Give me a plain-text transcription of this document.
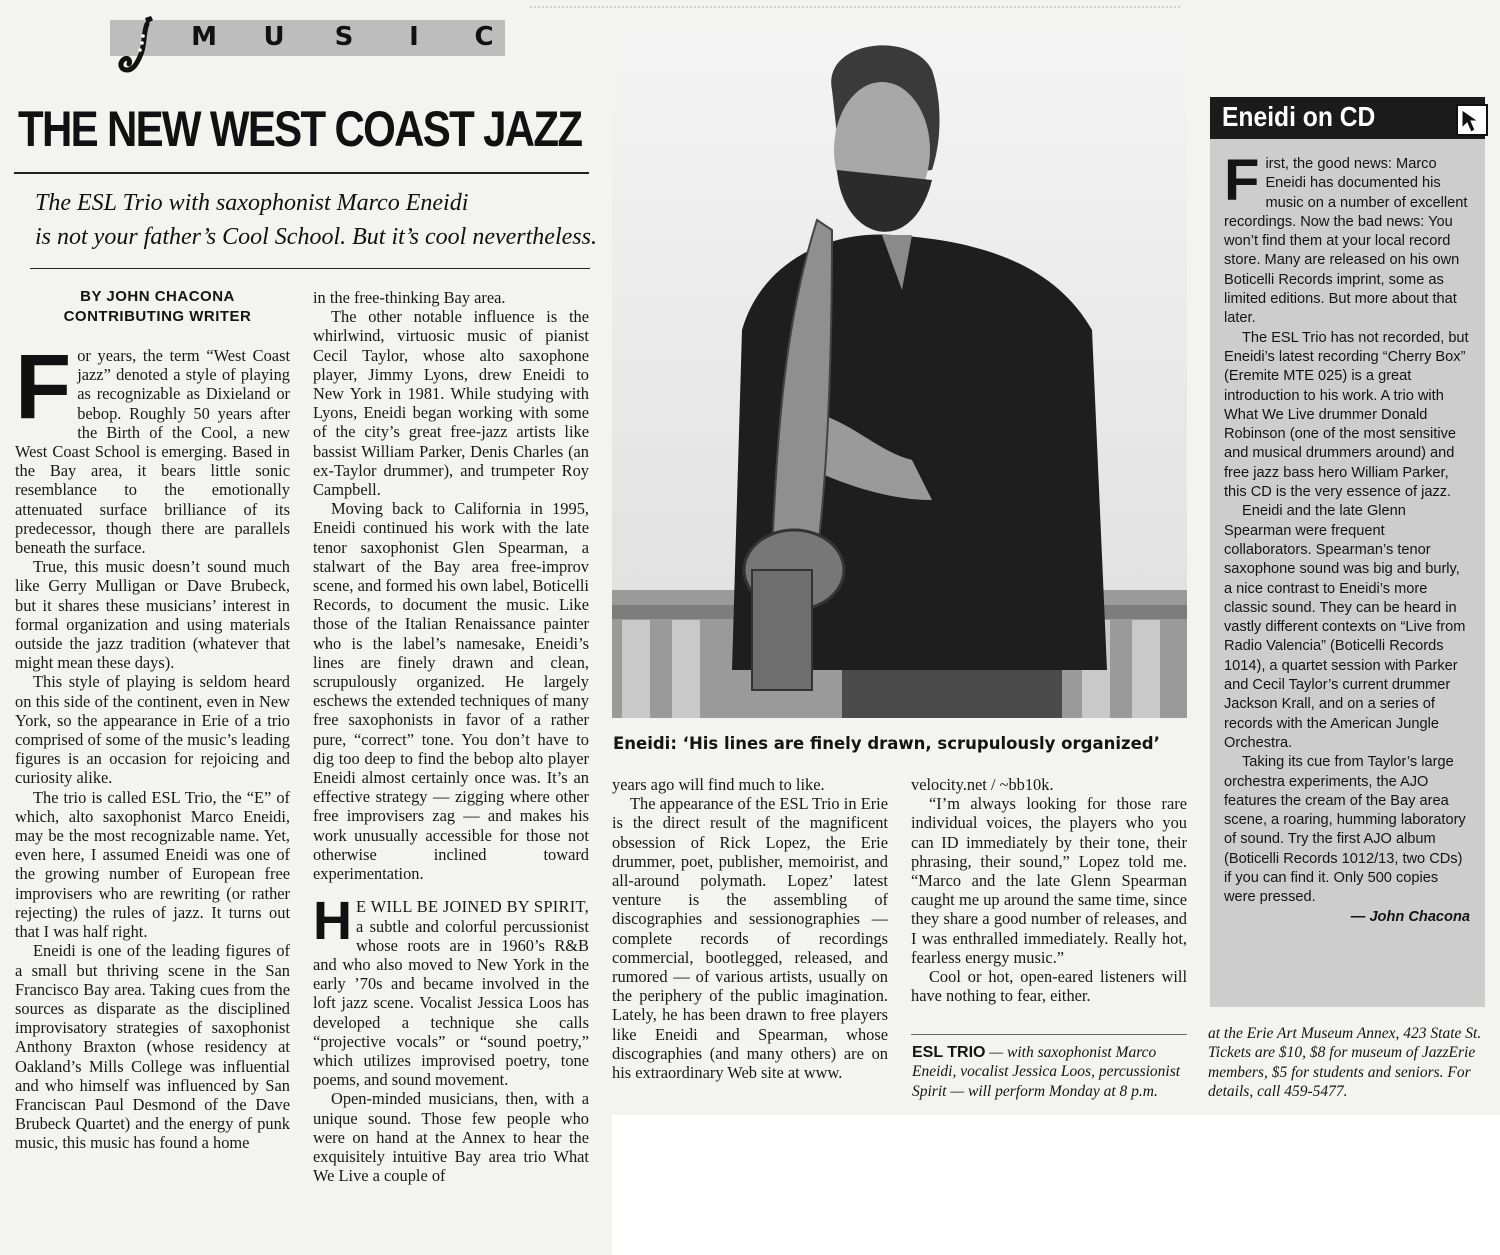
M	U	S	I	C
THE NEW WEST COAST JAZZ
The ESL Trio with saxophonist Marco Eneidi
is not your father’s Cool School. But it’s cool nevertheless.
BY JOHN CHACONA
CONTRIBUTING WRITER

For years, the term “West Coast jazz” denoted a style of playing as recognizable as Dixieland or bebop. Roughly 50 years after the Birth of the Cool, a new West Coast School is emerging. Based in the Bay area, it bears little sonic resemblance to the emotionally attenuated surface brilliance of its predecessor, though there are parallels beneath the surface.

True, this music doesn’t sound much like Gerry Mulligan or Dave Brubeck, but it shares these musicians’ interest in formal organization and using materials outside the jazz tradition (whatever that might mean these days).

This style of playing is seldom heard on this side of the continent, even in New York, so the appearance in Erie of a trio comprised of some of the music’s leading figures is an occasion for rejoicing and curiosity alike.

The trio is called ESL Trio, the “E” of which, alto saxophonist Marco Eneidi, may be the most recognizable name. Yet, even here, I assumed Eneidi was one of the growing number of European free improvisers who are rewriting (or rather rejecting) the rules of jazz. It turns out that I was half right.

Eneidi is one of the leading figures of a small but thriving scene in the San Francisco Bay area. Taking cues from the sources as disparate as the disciplined improvisatory strategies of saxophonist Anthony Braxton (whose residency at Oakland’s Mills College was influential and who himself was influenced by San Franciscan Paul Desmond of the Dave Brubeck Quartet) and the energy of punk music, this music has found a home

in the free-thinking Bay area.

The other notable influence is the whirlwind, virtuosic music of pianist Cecil Taylor, whose alto saxophone player, Jimmy Lyons, drew Eneidi to New York in 1981. While studying with Lyons, Eneidi began working with some of the city’s great free-jazz artists like bassist William Parker, Denis Charles (an ex-Taylor drummer), and trumpeter Roy Campbell.

Moving back to California in 1995, Eneidi continued his work with the late tenor saxophonist Glen Spearman, a stalwart of the Bay area free-improv scene, and formed his own label, Boticelli Records, to document the music. Like those of the Italian Renaissance painter who is the label’s namesake, Eneidi’s lines are finely drawn and clean, scrupulously organized. He largely eschews the extended techniques of many free saxophonists in favor of a rather pure, “correct” tone. You don’t have to dig too deep to find the bebop alto player Eneidi almost certainly once was. It’s an effective strategy — zigging where other free improvisers zag — and makes his work unusually accessible for those not otherwise inclined toward experimentation.

H E WILL BE JOINED BY SPIRIT, a subtle and colorful percussionist whose roots are in 1960’s R&B and who also moved to New York in the early ’70s and became involved in the loft jazz scene. Vocalist Jessica Loos has developed a technique she calls “projective vocals” or “sound poetry,” which utilizes improvised poetry, tone poems, and sound movement.

Open-minded musicians, then, with a unique sound. Those few people who were on hand at the Annex to hear the exquisitely intuitive Bay area trio What We Live a couple of

Eneidi: ‘His lines are finely drawn, scrupulously organized’

years ago will find much to like.

The appearance of the ESL Trio in Erie is the direct result of the magnificent obsession of Rick Lopez, the Erie drummer, poet, publisher, memoirist, and all-around polymath. Lopez’ latest venture is the assembling of discographies and sessionographies — complete records of recordings commercial, bootlegged, released, and rumored — of various artists, usually on the periphery of the public imagination. Lately, he has been drawn to free players like Eneidi and Spearman, whose discographies (and many others) are on his extraordinary Web site at www.

velocity.net / ~bb10k.

“I’m always looking for those rare individual voices, the players who you can ID immediately by their tone, their phrasing, their sound,” Lopez told me. “Marco and the late Glenn Spearman caught me up around the same time, since they share a good number of releases, and I was enthralled immediately. Really hot, fearless energy music.”

Cool or hot, open-eared listeners will have nothing to fear, either.

ESL TRIO — with saxophonist Marco Eneidi, vocalist Jessica Loos, percussionist Spirit — will perform Monday at 8 p.m.
at the Erie Art Museum Annex, 423 State St. Tickets are $10, $8 for museum of JazzErie members, $5 for students and seniors. For details, call 459-5477.
Eneidi on CD

First, the good news: Marco Eneidi has documented his music on a number of excellent recordings. Now the bad news: You won’t find them at your local record store. Many are released on his own Boticelli Records imprint, some as limited editions. But more about that later.

The ESL Trio has not recorded, but Eneidi’s latest recording “Cherry Box” (Eremite MTE 025) is a great introduction to his work. A trio with What We Live drummer Donald Robinson (one of the most sensitive and musical drummers around) and free jazz bass hero William Parker, this CD is the very essence of jazz.

Eneidi and the late Glenn Spearman were frequent collaborators. Spearman’s tenor saxophone sound was big and burly, a nice contrast to Eneidi’s more classic sound. They can be heard in vastly different contexts on “Live from Radio Valencia” (Boticelli Records 1014), a quartet session with Parker and Cecil Taylor’s current drummer Jackson Krall, and on a series of records with the American Jungle Orchestra.

Taking its cue from Taylor’s large orchestra experiments, the AJO features the cream of the Bay area scene, a roaring, humming laboratory of sound. Try the first AJO album (Boticelli Records 1012/13, two CDs) if you can find it. Only 500 copies were pressed.

— John Chacona
